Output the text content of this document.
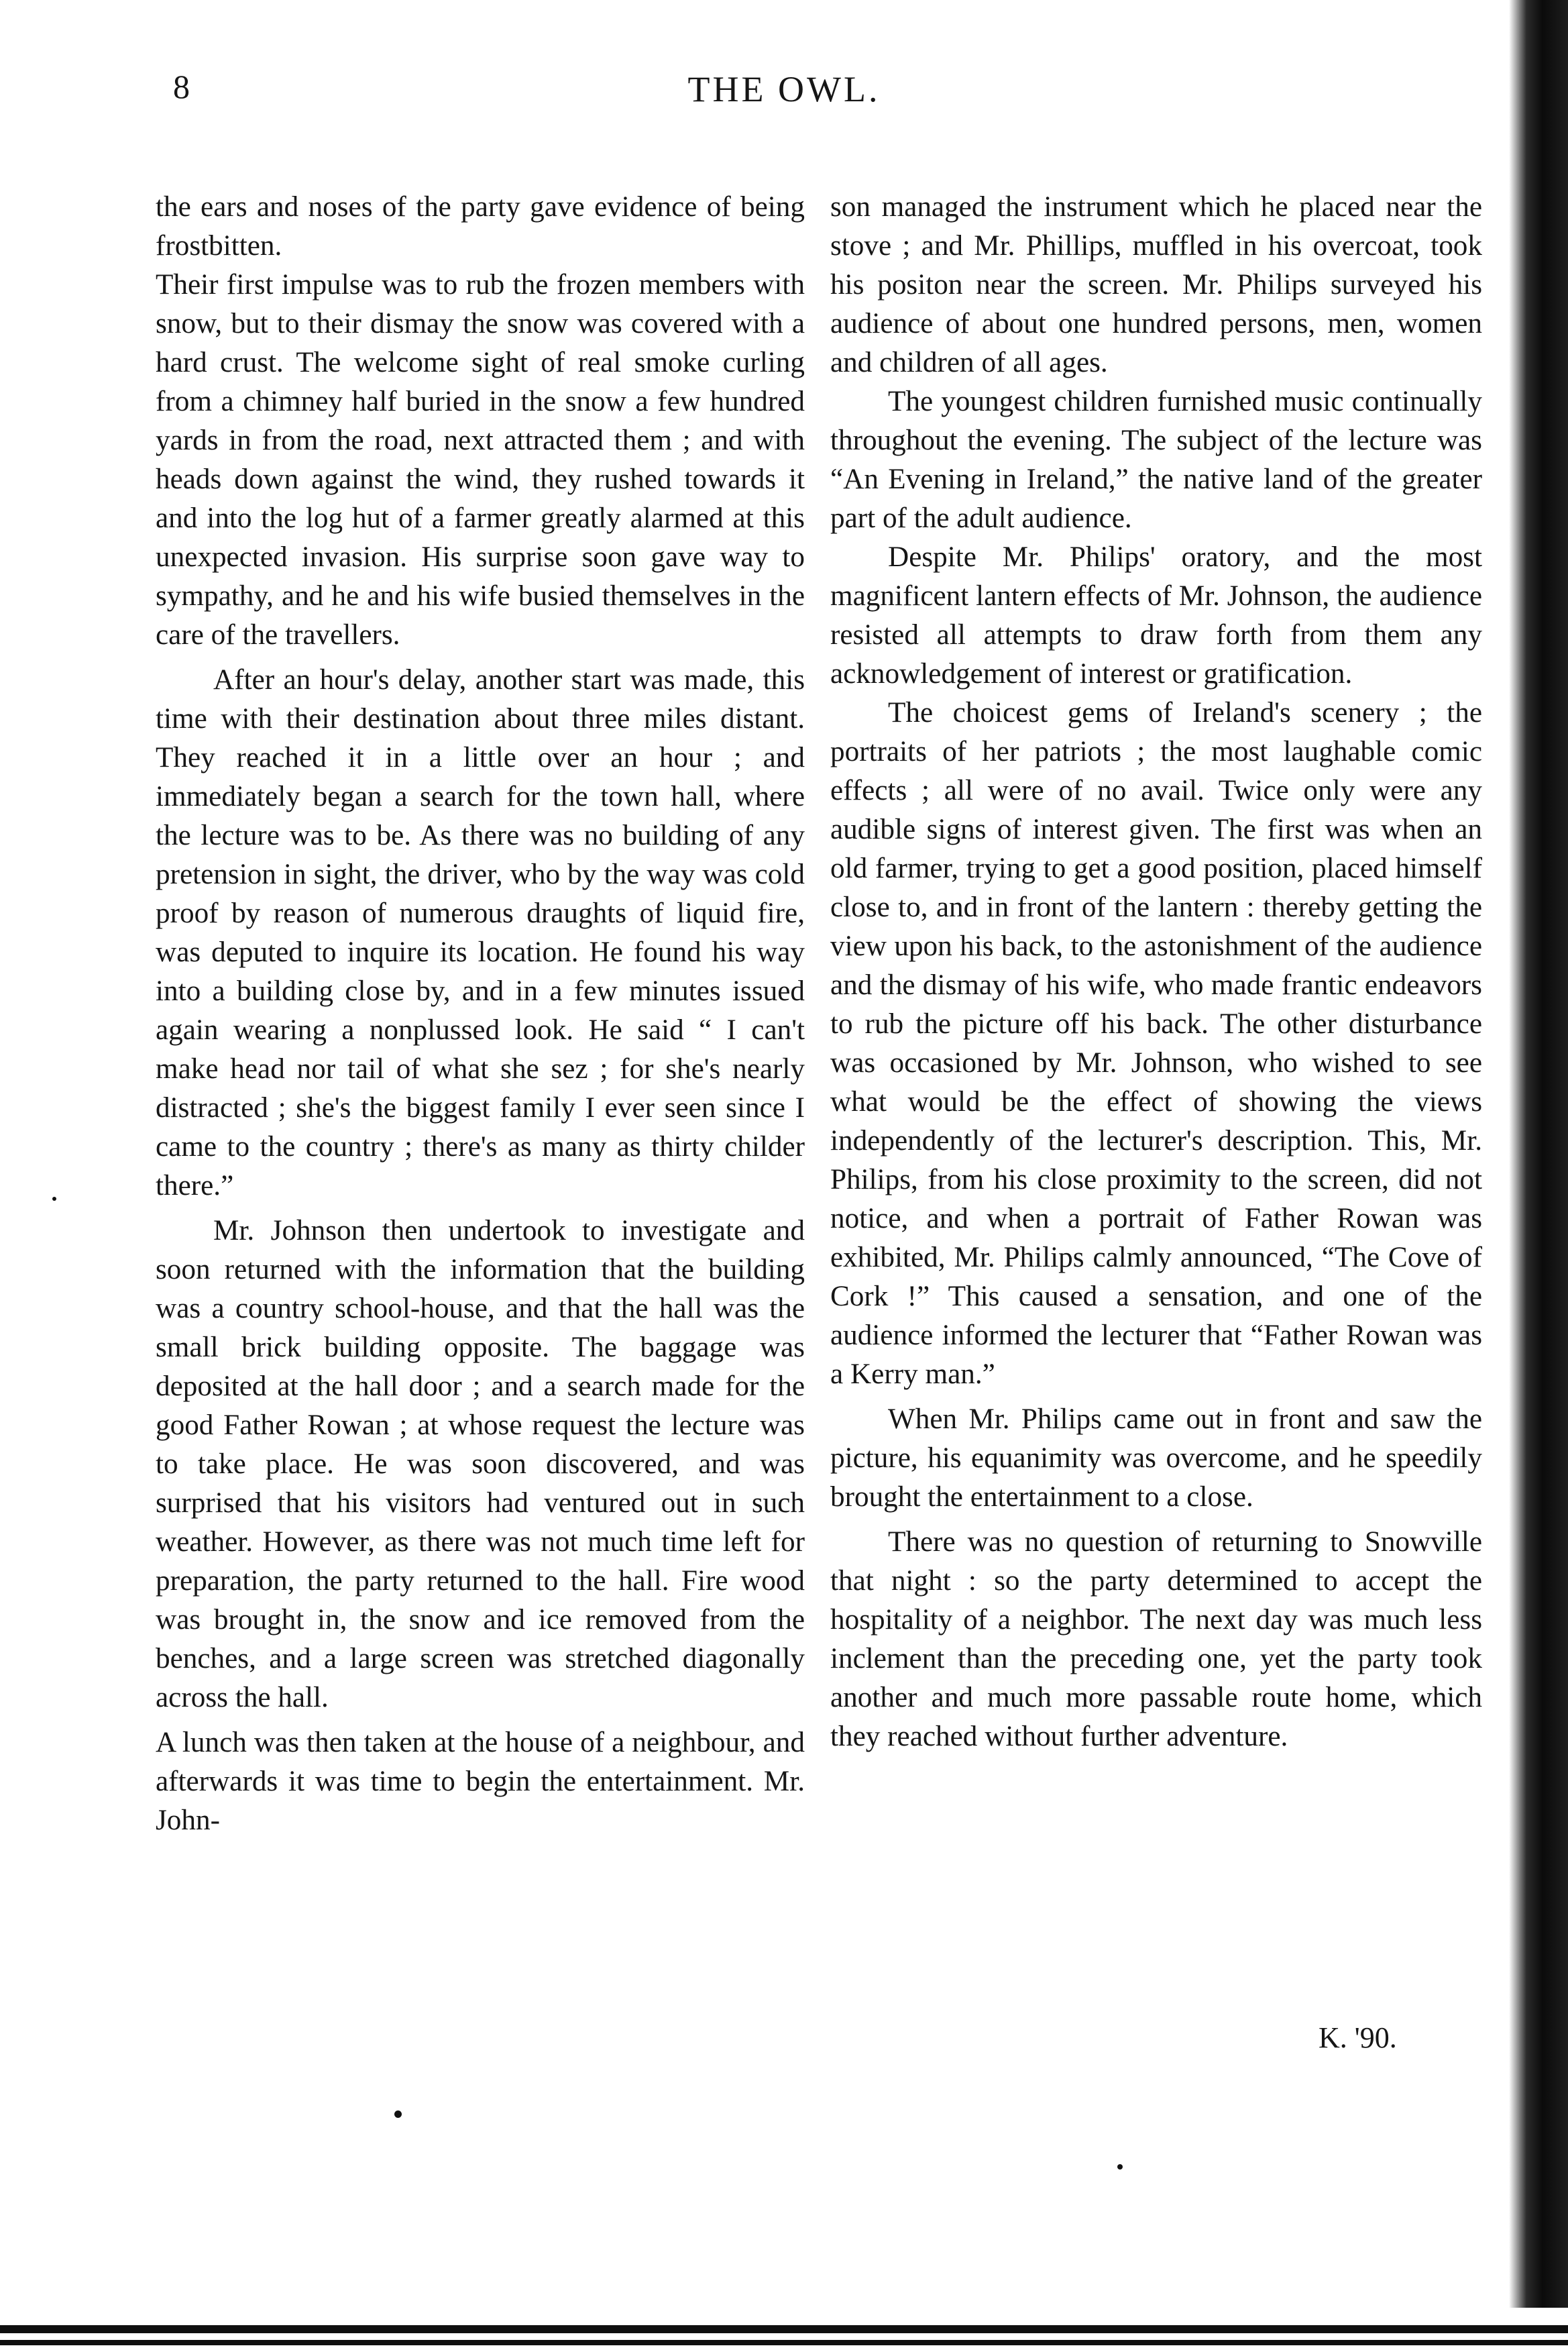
8	THE OWL.

the ears and noses of the party gave evidence of being frostbitten.

Their first impulse was to rub the frozen members with snow, but to their dismay the snow was covered with a hard crust. The welcome sight of real smoke curling from a chimney half buried in the snow a few hundred yards in from the road, next attracted them ; and with heads down against the wind, they rushed towards it and into the log hut of a farmer greatly alarmed at this unexpected invasion. His surprise soon gave way to sympathy, and he and his wife busied themselves in the care of the travellers.

After an hour's delay, another start was made, this time with their destination about three miles distant. They reached it in a little over an hour ; and immediately began a search for the town hall, where the lecture was to be. As there was no building of any pretension in sight, the driver, who by the way was cold proof by reason of numerous draughts of liquid fire, was deputed to inquire its location. He found his way into a building close by, and in a few minutes issued again wearing a nonplussed look. He said “ I can't make head nor tail of what she sez ; for she's nearly distracted ; she's the biggest family I ever seen since I came to the country ; there's as many as thirty childer there.”

Mr. Johnson then undertook to investigate and soon returned with the information that the building was a country school-house, and that the hall was the small brick building opposite. The baggage was deposited at the hall door ; and a search made for the good Father Rowan ; at whose request the lecture was to take place. He was soon discovered, and was surprised that his visitors had ventured out in such weather. However, as there was not much time left for preparation, the party returned to the hall. Fire wood was brought in, the snow and ice removed from the benches, and a large screen was stretched diagonally across the hall.

A lunch was then taken at the house of a neighbour, and afterwards it was time to begin the entertainment. Mr. John-

son managed the instrument which he placed near the stove ; and Mr. Phillips, muffled in his overcoat, took his positon near the screen. Mr. Philips surveyed his audience of about one hundred persons, men, women and children of all ages.

The youngest children furnished music continually throughout the evening. The subject of the lecture was “An Evening in Ireland,” the native land of the greater part of the adult audience.

Despite Mr. Philips' oratory, and the most magnificent lantern effects of Mr. Johnson, the audience resisted all attempts to draw forth from them any acknowledgement of interest or gratification.

The choicest gems of Ireland's scenery ; the portraits of her patriots ; the most laughable comic effects ; all were of no avail. Twice only were any audible signs of interest given. The first was when an old farmer, trying to get a good position, placed himself close to, and in front of the lantern : thereby getting the view upon his back, to the astonishment of the audience and the dismay of his wife, who made frantic endeavors to rub the picture off his back. The other disturbance was occasioned by Mr. Johnson, who wished to see what would be the effect of showing the views independently of the lecturer's description. This, Mr. Philips, from his close proximity to the screen, did not notice, and when a portrait of Father Rowan was exhibited, Mr. Philips calmly announced, “The Cove of Cork !” This caused a sensation, and one of the audience informed the lecturer that “Father Rowan was a Kerry man.”

When Mr. Philips came out in front and saw the picture, his equanimity was overcome, and he speedily brought the entertainment to a close.

There was no question of returning to Snowville that night : so the party determined to accept the hospitality of a neighbor. The next day was much less inclement than the preceding one, yet the party took another and much more passable route home, which they reached without further adventure.

K. '90.
